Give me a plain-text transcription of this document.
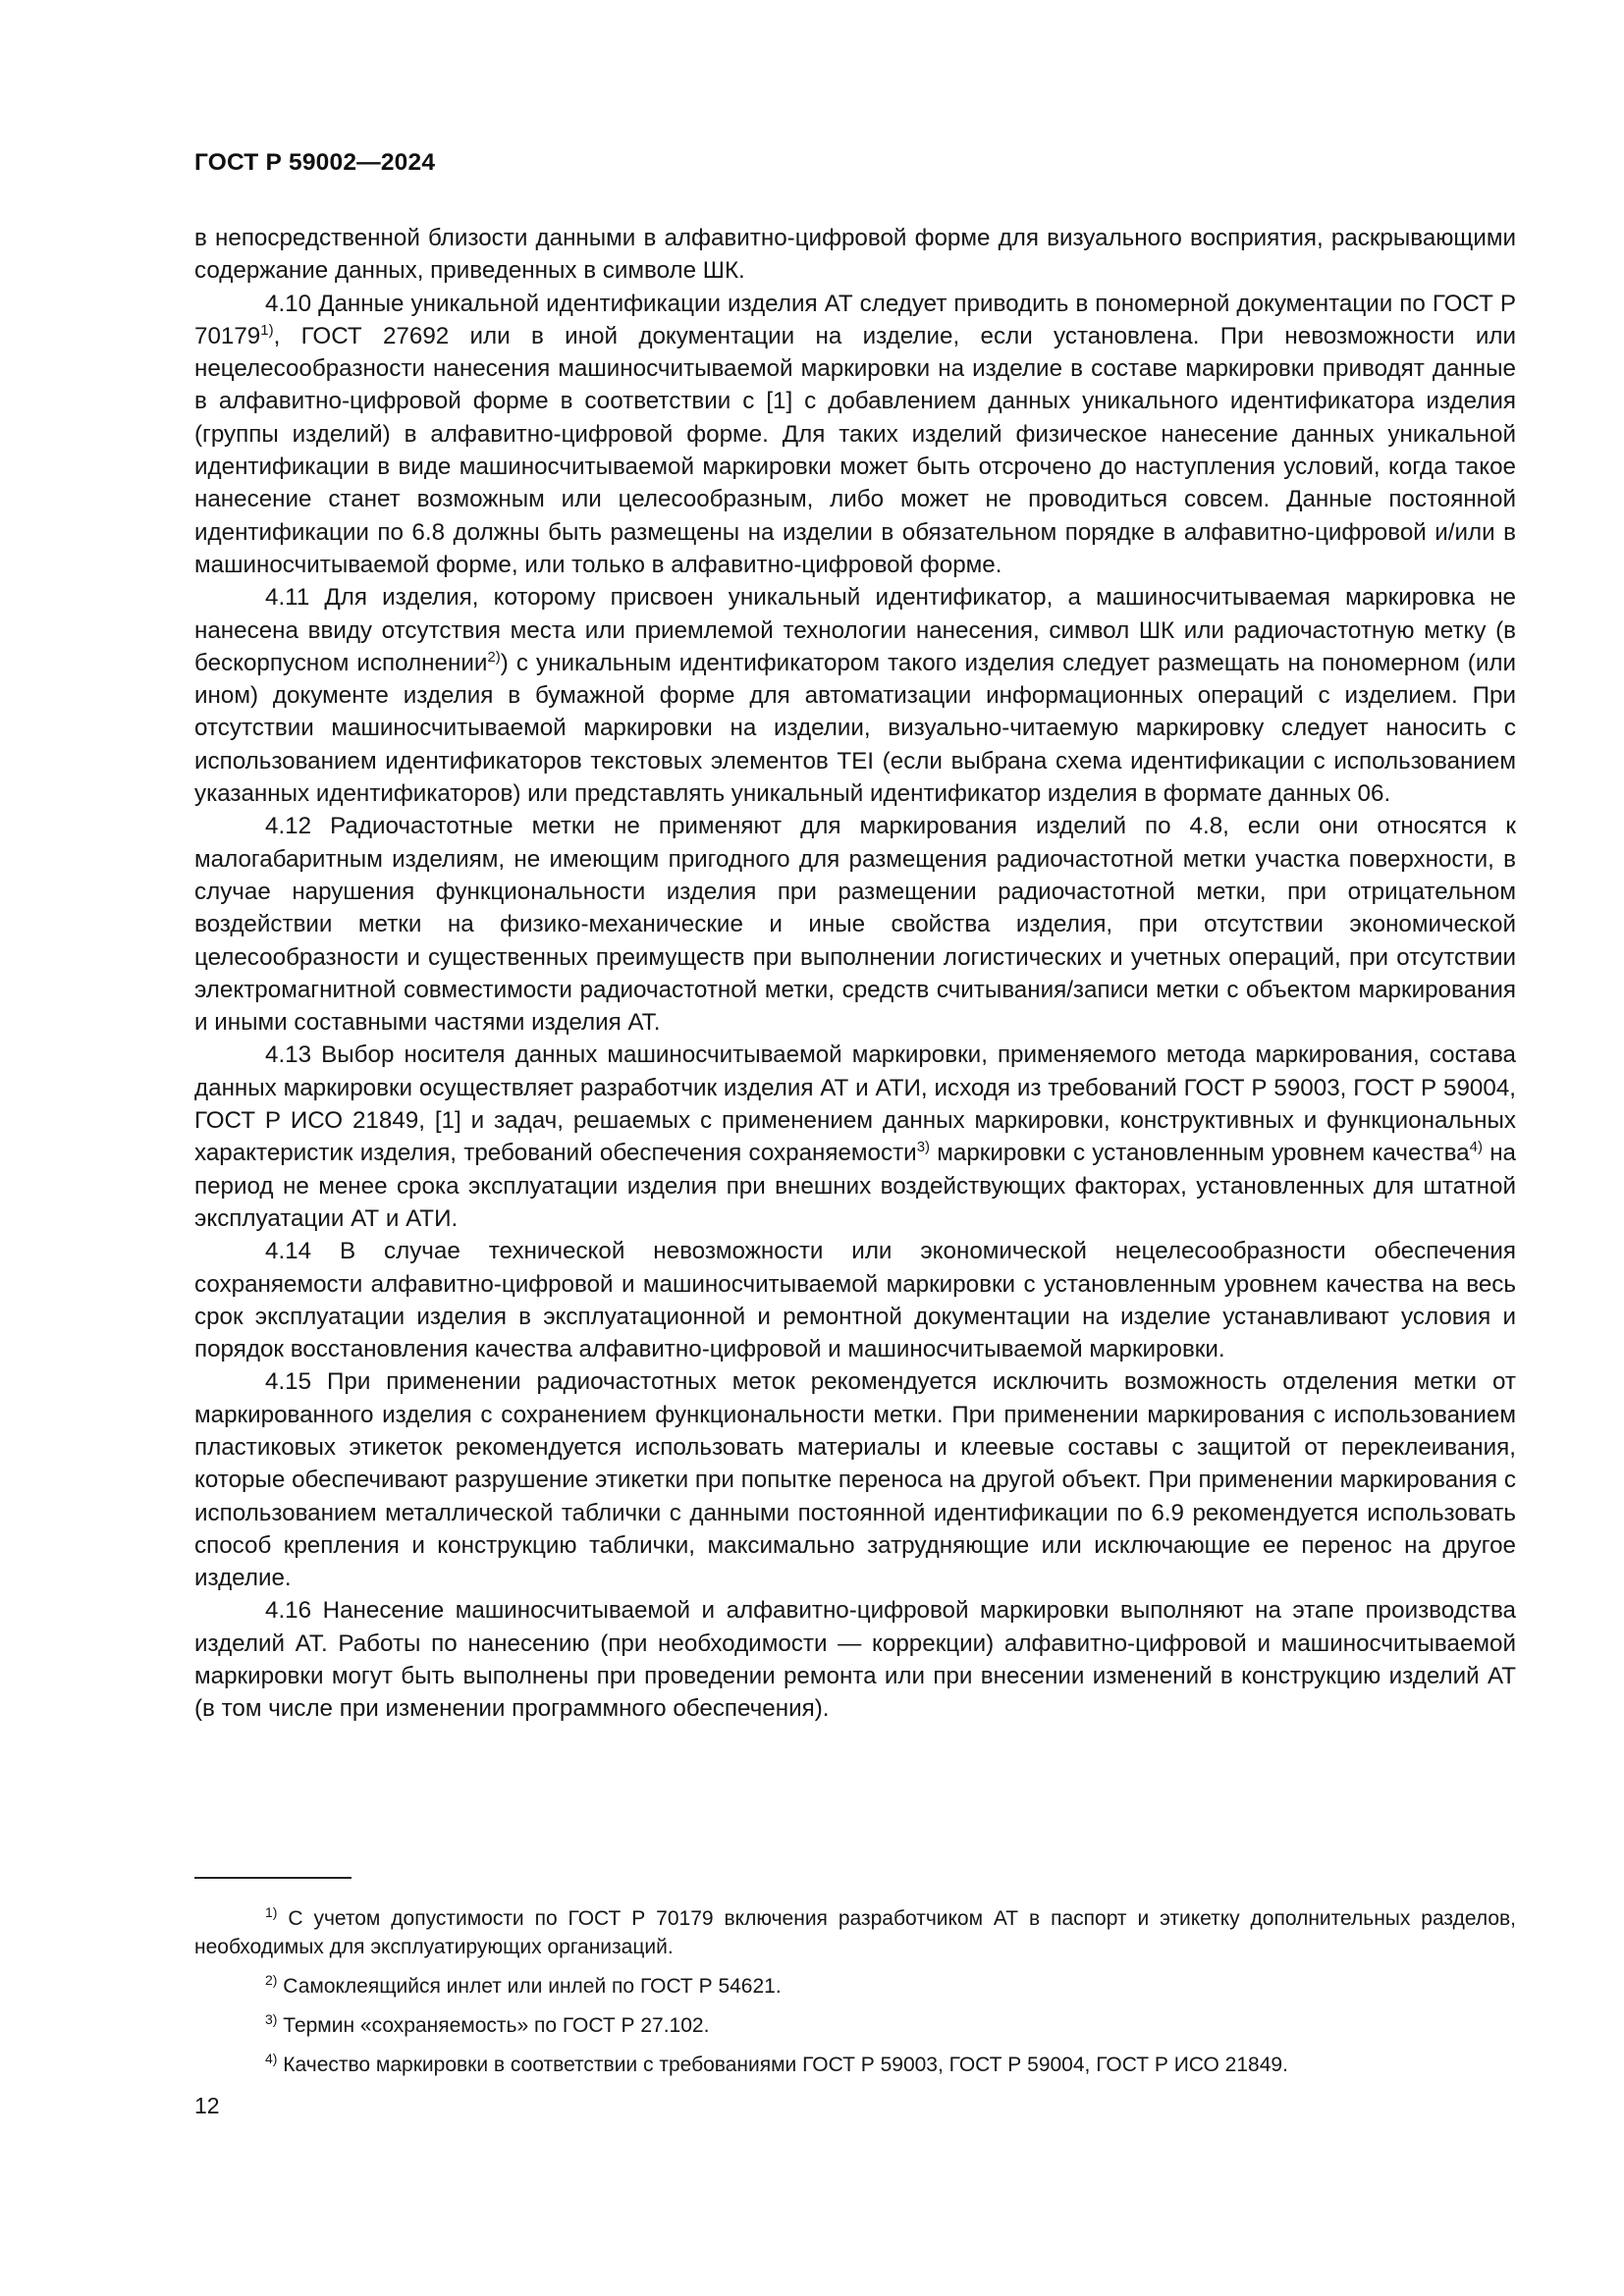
ГОСТ Р 59002—2024

в непосредственной близости данными в алфавитно-цифровой форме для визуального восприятия, раскрывающими содержание данных, приведенных в символе ШК.

4.10 Данные уникальной идентификации изделия АТ следует приводить в пономерной документации по ГОСТ Р 70179$^{1)}$, ГОСТ 27692 или в иной документации на изделие, если установлена. При невозможности или нецелесообразности нанесения машиносчитываемой маркировки на изделие в составе маркировки приводят данные в алфавитно-цифровой форме в соответствии с [1] с добавлением данных уникального идентификатора изделия (группы изделий) в алфавитно-цифровой форме. Для таких изделий физическое нанесение данных уникальной идентификации в виде машиносчитываемой маркировки может быть отсрочено до наступления условий, когда такое нанесение станет возможным или целесообразным, либо может не проводиться совсем. Данные постоянной идентификации по 6.8 должны быть размещены на изделии в обязательном порядке в алфавитно-цифровой и/или в машиносчитываемой форме, или только в алфавитно-цифровой форме.

4.11 Для изделия, которому присвоен уникальный идентификатор, а машиносчитываемая маркировка не нанесена ввиду отсутствия места или приемлемой технологии нанесения, символ ШК или радиочастотную метку (в бескорпусном исполнении$^{2)}$) с уникальным идентификатором такого изделия следует размещать на пономерном (или ином) документе изделия в бумажной форме для автоматизации информационных операций с изделием. При отсутствии машиносчитываемой маркировки на изделии, визуально-читаемую маркировку следует наносить с использованием идентификаторов текстовых элементов TEI (если выбрана схема идентификации с использованием указанных идентификаторов) или представлять уникальный идентификатор изделия в формате данных 06.

4.12 Радиочастотные метки не применяют для маркирования изделий по 4.8, если они относятся к малогабаритным изделиям, не имеющим пригодного для размещения радиочастотной метки участка поверхности, в случае нарушения функциональности изделия при размещении радиочастотной метки, при отрицательном воздействии метки на физико-механические и иные свойства изделия, при отсутствии экономической целесообразности и существенных преимуществ при выполнении логистических и учетных операций, при отсутствии электромагнитной совместимости радиочастотной метки, средств считывания/записи метки с объектом маркирования и иными составными частями изделия АТ.

4.13 Выбор носителя данных машиносчитываемой маркировки, применяемого метода маркирования, состава данных маркировки осуществляет разработчик изделия АТ и АТИ, исходя из требований ГОСТ Р 59003, ГОСТ Р 59004, ГОСТ Р ИСО 21849, [1] и задач, решаемых с применением данных маркировки, конструктивных и функциональных характеристик изделия, требований обеспечения сохраняемости$^{3)}$ маркировки с установленным уровнем качества$^{4)}$ на период не менее срока эксплуатации изделия при внешних воздействующих факторах, установленных для штатной эксплуатации АТ и АТИ.

4.14 В случае технической невозможности или экономической нецелесообразности обеспечения сохраняемости алфавитно-цифровой и машиносчитываемой маркировки с установленным уровнем качества на весь срок эксплуатации изделия в эксплуатационной и ремонтной документации на изделие устанавливают условия и порядок восстановления качества алфавитно-цифровой и машиносчитываемой маркировки.

4.15 При применении радиочастотных меток рекомендуется исключить возможность отделения метки от маркированного изделия с сохранением функциональности метки. При применении маркирования с использованием пластиковых этикеток рекомендуется использовать материалы и клеевые составы с защитой от переклеивания, которые обеспечивают разрушение этикетки при попытке переноса на другой объект. При применении маркирования с использованием металлической таблички с данными постоянной идентификации по 6.9 рекомендуется использовать способ крепления и конструкцию таблички, максимально затрудняющие или исключающие ее перенос на другое изделие.

4.16 Нанесение машиносчитываемой и алфавитно-цифровой маркировки выполняют на этапе производства изделий АТ. Работы по нанесению (при необходимости — коррекции) алфавитно-цифровой и машиносчитываемой маркировки могут быть выполнены при проведении ремонта или при внесении изменений в конструкцию изделий АТ (в том числе при изменении программного обеспечения).

$^{1)}$ С учетом допустимости по ГОСТ Р 70179 включения разработчиком АТ в паспорт и этикетку дополнительных разделов, необходимых для эксплуатирующих организаций.

$^{2)}$ Самоклеящийся инлет или инлей по ГОСТ Р 54621.

$^{3)}$ Термин «сохраняемость» по ГОСТ Р 27.102.

$^{4)}$ Качество маркировки в соответствии с требованиями ГОСТ Р 59003, ГОСТ Р 59004, ГОСТ Р ИСО 21849.

12
